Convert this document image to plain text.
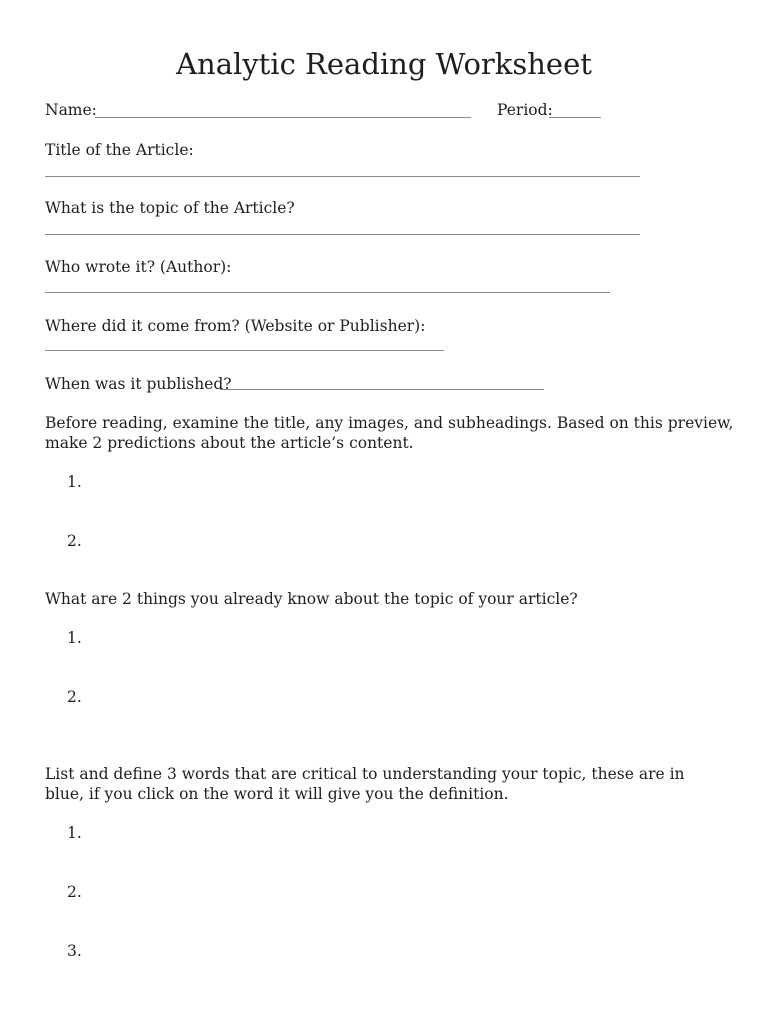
Analytic Reading Worksheet
Name:	Period:
Title of the Article:
What is the topic of the Article?
Who wrote it? (Author):
Where did it come from? (Website or Publisher):
When was it published?
Before reading, examine the title, any images, and subheadings. Based on this preview, make 2 predictions about the article’s content.
1.
2.
What are 2 things you already know about the topic of your article?
1.
2.
List and define 3 words that are critical to understanding your topic, these are in blue, if you click on the word it will give you the definition.
1.
2.
3.
